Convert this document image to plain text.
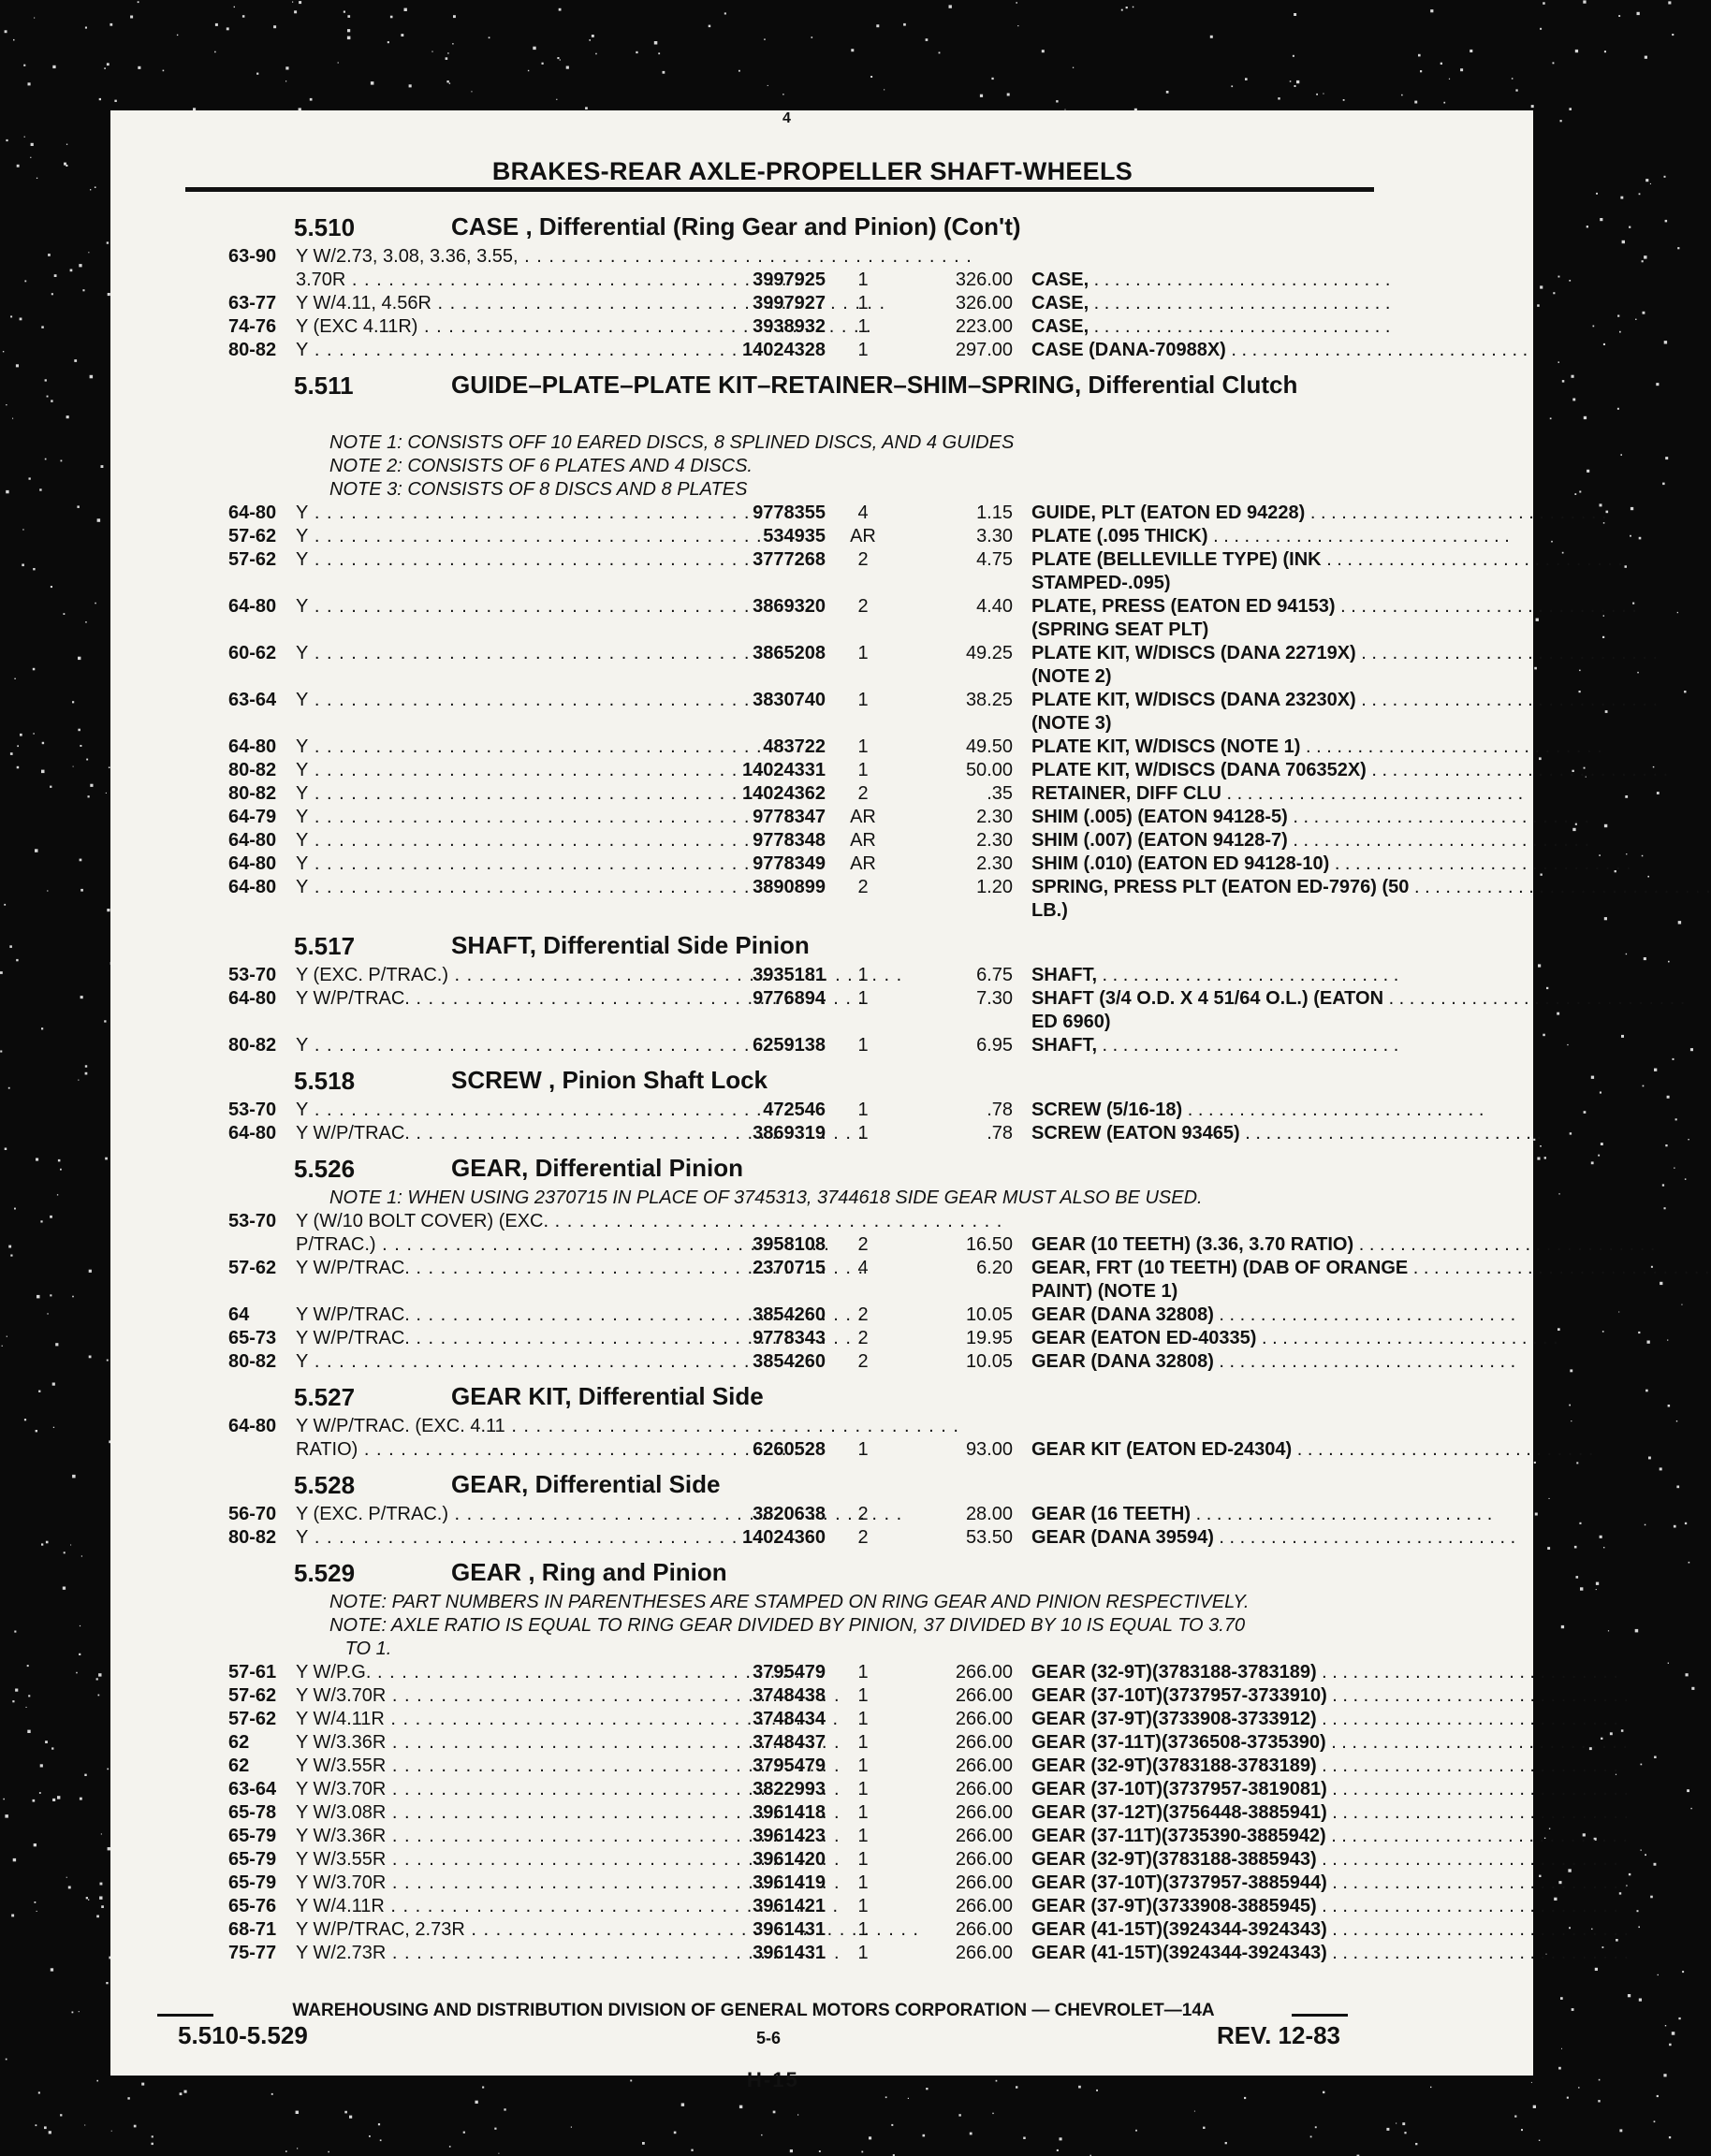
4
BRAKES-REAR AXLE-PROPELLER SHAFT-WHEELS
5.510	CASE , Differential (Ring Gear and Pinion) (Con't)
63-90	Y W/2.73, 3.08, 3.36, 3.55, . . .
3.70R . . .	3997925	1	326.00 CASE, . . .
63-77	Y W/4.11, 4.56R . . .	3997927	1	326.00 CASE, . . .
74-76	Y (EXC 4.11R) . . .	3938932	1	223.00 CASE, . . .
80-82	Y . . .	14024328	1	297.00 CASE (DANA-70988X) . . .
5.511	GUIDE–PLATE–PLATE KIT–RETAINER–SHIM–SPRING, Differential Clutch
NOTE 1: CONSISTS OFF 10 EARED DISCS, 8 SPLINED DISCS, AND 4 GUIDES
NOTE 2: CONSISTS OF 6 PLATES AND 4 DISCS.
NOTE 3: CONSISTS OF 8 DISCS AND 8 PLATES
64-80	Y . . .	9778355	4	1.15 GUIDE, PLT (EATON ED 94228) . . .
57-62	Y . . .	534935	AR	3.30 PLATE (.095 THICK) . . .
57-62	Y . . .	3777268	2	4.75 PLATE (BELLEVILLE TYPE) (INK . . .
STAMPED-.095)
64-80	Y . . .	3869320	2	4.40 PLATE, PRESS (EATON ED 94153) . . .
(SPRING SEAT PLT)
60-62	Y . . .	3865208	1	49.25 PLATE KIT, W/DISCS (DANA 22719X) . . .
(NOTE 2)
63-64	Y . . .	3830740	1	38.25 PLATE KIT, W/DISCS (DANA 23230X) . . .
(NOTE 3)
64-80	Y . . .	483722	1	49.50 PLATE KIT, W/DISCS (NOTE 1) . . .
80-82	Y . . .	14024331	1	50.00 PLATE KIT, W/DISCS (DANA 706352X) . . .
80-82	Y . . .	14024362	2	.35 RETAINER, DIFF CLU . . .
64-79	Y . . .	9778347	AR	2.30 SHIM (.005) (EATON 94128-5) . . .
64-80	Y . . .	9778348	AR	2.30 SHIM (.007) (EATON 94128-7) . . .
64-80	Y . . .	9778349	AR	2.30 SHIM (.010) (EATON ED 94128-10) . . .
64-80	Y . . .	3890899	2	1.20 SPRING, PRESS PLT (EATON ED-7976) (50 . . .
LB.)
5.517	SHAFT, Differential Side Pinion
53-70	Y (EXC. P/TRAC.) . . .	3935181	1	6.75 SHAFT, . . .
64-80	Y W/P/TRAC. . . .	9776894	1	7.30 SHAFT (3/4 O.D. X 4 51/64 O.L.) (EATON . . .
ED 6960)
80-82	Y . . .	6259138	1	6.95 SHAFT, . . .
5.518	SCREW , Pinion Shaft Lock
53-70	Y . . .	472546	1	.78 SCREW (5/16-18) . . .
64-80	Y W/P/TRAC. . . .	3869319	1	.78 SCREW (EATON 93465) . . .
5.526	GEAR, Differential Pinion
NOTE 1: WHEN USING 2370715 IN PLACE OF 3745313, 3744618 SIDE GEAR MUST ALSO BE USED.
53-70	Y (W/10 BOLT COVER) (EXC. . . .
P/TRAC.) . . .	3958108	2	16.50 GEAR (10 TEETH) (3.36, 3.70 RATIO) . . .
57-62	Y W/P/TRAC. . . .	2370715	4	6.20 GEAR, FRT (10 TEETH) (DAB OF ORANGE . . .
PAINT) (NOTE 1)
64	Y W/P/TRAC. . . .	3854260	2	10.05 GEAR (DANA 32808) . . .
65-73	Y W/P/TRAC. . . .	9778343	2	19.95 GEAR (EATON ED-40335) . . .
80-82	Y . . .	3854260	2	10.05 GEAR (DANA 32808) . . .
5.527	GEAR KIT, Differential Side
64-80	Y W/P/TRAC. (EXC. 4.11 . . .
RATIO) . . .	6260528	1	93.00 GEAR KIT (EATON ED-24304) . . .
5.528	GEAR, Differential Side
56-70	Y (EXC. P/TRAC.) . . .	3820638	2	28.00 GEAR (16 TEETH) . . .
80-82	Y . . .	14024360	2	53.50 GEAR (DANA 39594) . . .
5.529	GEAR , Ring and Pinion
NOTE: PART NUMBERS IN PARENTHESES ARE STAMPED ON RING GEAR AND PINION RESPECTIVELY.
NOTE: AXLE RATIO IS EQUAL TO RING GEAR DIVIDED BY PINION, 37 DIVIDED BY 10 IS EQUAL TO 3.70
TO 1.
57-61	Y W/P.G. . . .	3795479	1	266.00 GEAR (32-9T)(3783188-3783189) . . .
57-62	Y W/3.70R . . .	3748438	1	266.00 GEAR (37-10T)(3737957-3733910) . . .
57-62	Y W/4.11R . . .	3748434	1	266.00 GEAR (37-9T)(3733908-3733912) . . .
62	Y W/3.36R . . .	3748437	1	266.00 GEAR (37-11T)(3736508-3735390) . . .
62	Y W/3.55R . . .	3795479	1	266.00 GEAR (32-9T)(3783188-3783189) . . .
63-64	Y W/3.70R . . .	3822993	1	266.00 GEAR (37-10T)(3737957-3819081) . . .
65-78	Y W/3.08R . . .	3961418	1	266.00 GEAR (37-12T)(3756448-3885941) . . .
65-79	Y W/3.36R . . .	3961423	1	266.00 GEAR (37-11T)(3735390-3885942) . . .
65-79	Y W/3.55R . . .	3961420	1	266.00 GEAR (32-9T)(3783188-3885943) . . .
65-79	Y W/3.70R . . .	3961419	1	266.00 GEAR (37-10T)(3737957-3885944) . . .
65-76	Y W/4.11R . . .	3961421	1	266.00 GEAR (37-9T)(3733908-3885945) . . .
68-71	Y W/P/TRAC, 2.73R . . .	3961431	1	266.00 GEAR (41-15T)(3924344-3924343) . . .
75-77	Y W/2.73R . . .	3961431	1	266.00 GEAR (41-15T)(3924344-3924343) . . .
WAREHOUSING AND DISTRIBUTION DIVISION OF GENERAL MOTORS CORPORATION — CHEVROLET—14A
5.510-5.529	5-6	REV. 12-83
H-15
